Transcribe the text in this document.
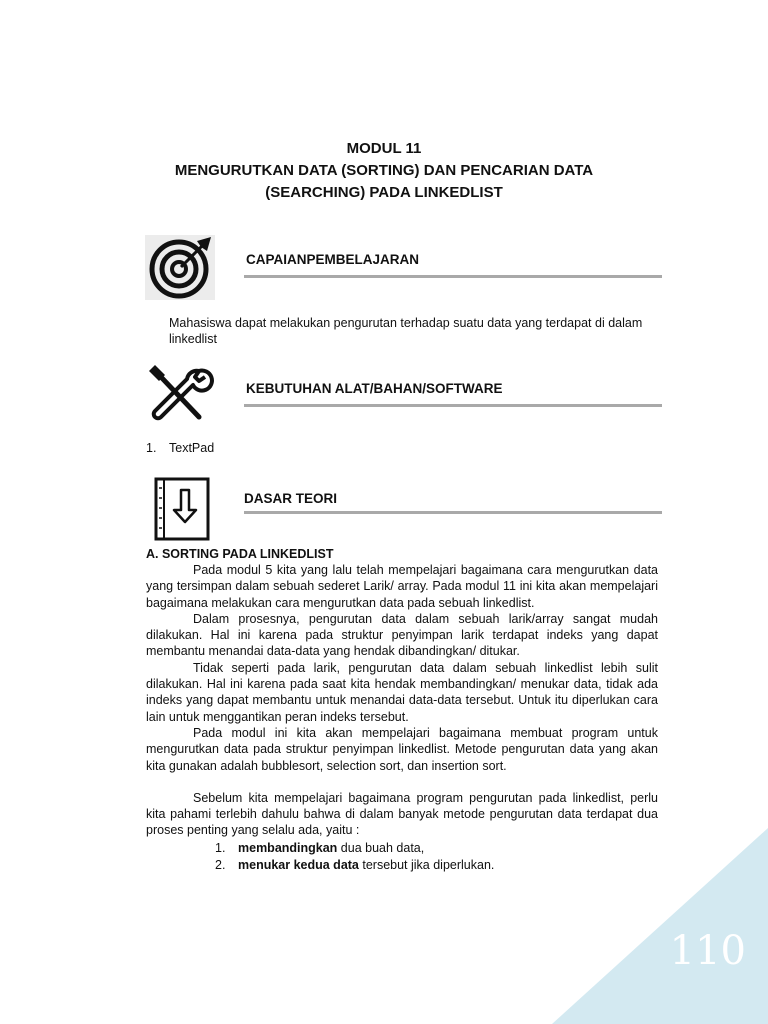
MODUL 11
MENGURUTKAN DATA (SORTING) DAN PENCARIAN DATA
(SEARCHING) PADA LINKEDLIST
CAPAIANPEMBELAJARAN
Mahasiswa dapat melakukan pengurutan terhadap suatu data yang terdapat di dalam linkedlist
KEBUTUHAN ALAT/BAHAN/SOFTWARE
1. TextPad
DASAR TEORI
A. SORTING PADA LINKEDLIST

Pada modul 5 kita yang lalu telah mempelajari bagaimana cara mengurutkan data yang tersimpan dalam sebuah sederet Larik/ array. Pada modul 11 ini kita akan mempelajari bagaimana melakukan cara mengurutkan data pada sebuah linkedlist.

Dalam prosesnya, pengurutan data dalam sebuah larik/array sangat mudah dilakukan. Hal ini karena pada struktur penyimpan larik terdapat indeks yang dapat membantu menandai data-data yang hendak dibandingkan/ ditukar.

Tidak seperti pada larik, pengurutan data dalam sebuah linkedlist lebih sulit dilakukan. Hal ini karena pada saat kita hendak membandingkan/ menukar data, tidak ada indeks yang dapat membantu untuk menandai data-data tersebut. Untuk itu diperlukan cara lain untuk menggantikan peran indeks tersebut.

Pada modul ini kita akan mempelajari bagaimana membuat program untuk mengurutkan data pada struktur penyimpan linkedlist. Metode pengurutan data yang akan kita gunakan adalah bubblesort, selection sort, dan insertion sort.

Sebelum kita mempelajari bagaimana program pengurutan pada linkedlist, perlu kita pahami terlebih dahulu bahwa di dalam banyak metode pengurutan data terdapat dua proses penting yang selalu ada, yaitu :

1. membandingkan dua buah data,
2. menukar kedua data tersebut jika diperlukan.
110
